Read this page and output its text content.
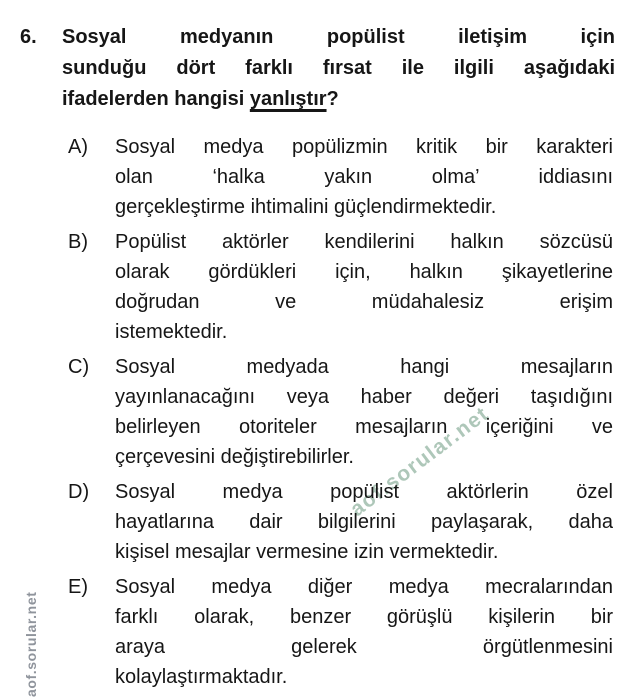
aof.sorular.net
aof.sorular.net
6.	Sosyal medyanın popülist iletişim için
sunduğu dört farklı fırsat ile ilgili aşağıdaki
ifadelerden hangisi yanlıştır?
A)	Sosyal medya popülizmin kritik bir karakteri
olan ‘halka yakın olma’ iddiasını
gerçekleştirme ihtimalini güçlendirmektedir.
B)	Popülist aktörler kendilerini halkın sözcüsü
olarak gördükleri için, halkın şikayetlerine
doğrudan ve müdahalesiz erişim
istemektedir.
C)	Sosyal medyada hangi mesajların
yayınlanacağını veya haber değeri taşıdığını
belirleyen otoriteler mesajların içeriğini ve
çerçevesini değiştirebilirler.
D)	Sosyal medya popülist aktörlerin özel
hayatlarına dair bilgilerini paylaşarak, daha
kişisel mesajlar vermesine izin vermektedir.
E)	Sosyal medya diğer medya mecralarından
farklı olarak, benzer görüşlü kişilerin bir
araya gelerek örgütlenmesini
kolaylaştırmaktadır.
